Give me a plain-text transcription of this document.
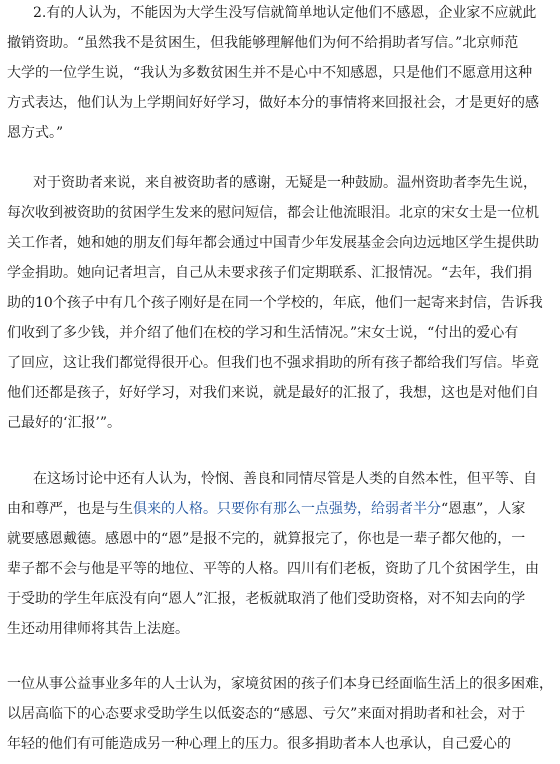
2.有的人认为，不能因为大学生没写信就简单地认定他们不感恩，企业家不应就此
撤销资助。“虽然我不是贫困生，但我能够理解他们为何不给捐助者写信。”北京师范
大学的一位学生说，“我认为多数贫困生并不是心中不知感恩，只是他们不愿意用这种
方式表达，他们认为上学期间好好学习，做好本分的事情将来回报社会，才是更好的感
恩方式。”
对于资助者来说，来自被资助者的感谢，无疑是一种鼓励。温州资助者李先生说，
每次收到被资助的贫困学生发来的慰问短信，都会让他流眼泪。北京的宋女士是一位机
关工作者，她和她的朋友们每年都会通过中国青少年发展基金会向边远地区学生提供助
学金捐助。她向记者坦言，自己从未要求孩子们定期联系、汇报情况。“去年，我们捐
助的10个孩子中有几个孩子刚好是在同一个学校的，年底，他们一起寄来封信，告诉我
们收到了多少钱，并介绍了他们在校的学习和生活情况。”宋女士说，“付出的爱心有
了回应，这让我们都觉得很开心。但我们也不强求捐助的所有孩子都给我们写信。毕竟
他们还都是孩子，好好学习，对我们来说，就是最好的汇报了，我想，这也是对他们自
己最好的‘汇报’”。
在这场讨论中还有人认为，怜悯、善良和同情尽管是人类的自然本性，但平等、自
由和尊严，也是与生俱来的人格。只要你有那么一点强势，给弱者半分“恩惠”，人家
就要感恩戴德。感恩中的“恩”是报不完的，就算报完了，你也是一辈子都欠他的，一
辈子都不会与他是平等的地位、平等的人格。四川有们老板，资助了几个贫困学生，由
于受助的学生年底没有向“恩人”汇报，老板就取消了他们受助资格，对不知去向的学
生还动用律师将其告上法庭。
一位从事公益事业多年的人士认为，家境贫困的孩子们本身已经面临生活上的很多困难，
以居高临下的心态要求受助学生以低姿态的“感恩、亏欠”来面对捐助者和社会，对于
年轻的他们有可能造成另一种心理上的压力。很多捐助者本人也承认，自己爱心的
